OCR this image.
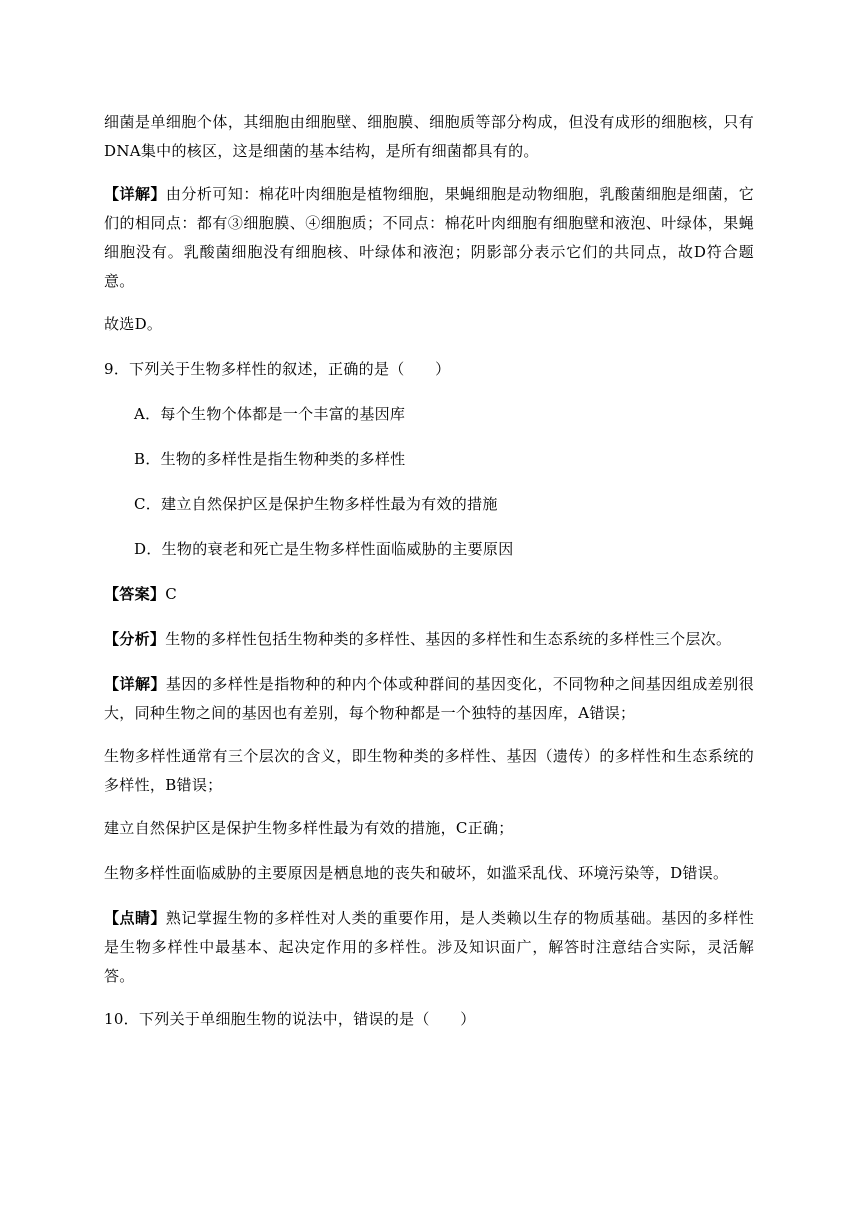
细菌是单细胞个体，其细胞由细胞壁、细胞膜、细胞质等部分构成，但没有成形的细胞核，只有DNA集中的核区，这是细菌的基本结构，是所有细菌都具有的。

【详解】由分析可知：棉花叶肉细胞是植物细胞，果蝇细胞是动物细胞，乳酸菌细胞是细菌，它们的相同点：都有③细胞膜、④细胞质；不同点：棉花叶肉细胞有细胞壁和液泡、叶绿体，果蝇细胞没有。乳酸菌细胞没有细胞核、叶绿体和液泡；阴影部分表示它们的共同点，故D符合题意。

故选D。

9．下列关于生物多样性的叙述，正确的是（　　）

A．每个生物个体都是一个丰富的基因库

B．生物的多样性是指生物种类的多样性

C．建立自然保护区是保护生物多样性最为有效的措施

D．生物的衰老和死亡是生物多样性面临威胁的主要原因

【答案】C

【分析】生物的多样性包括生物种类的多样性、基因的多样性和生态系统的多样性三个层次。

【详解】基因的多样性是指物种的种内个体或种群间的基因变化，不同物种之间基因组成差别很大，同种生物之间的基因也有差别，每个物种都是一个独特的基因库，A错误；

生物多样性通常有三个层次的含义，即生物种类的多样性、基因（遗传）的多样性和生态系统的多样性，B错误；

建立自然保护区是保护生物多样性最为有效的措施，C正确；

生物多样性面临威胁的主要原因是栖息地的丧失和破坏，如滥采乱伐、环境污染等，D错误。

【点睛】熟记掌握生物的多样性对人类的重要作用，是人类赖以生存的物质基础。基因的多样性是生物多样性中最基本、起决定作用的多样性。涉及知识面广，解答时注意结合实际，灵活解答。

10．下列关于单细胞生物的说法中，错误的是（　　）
